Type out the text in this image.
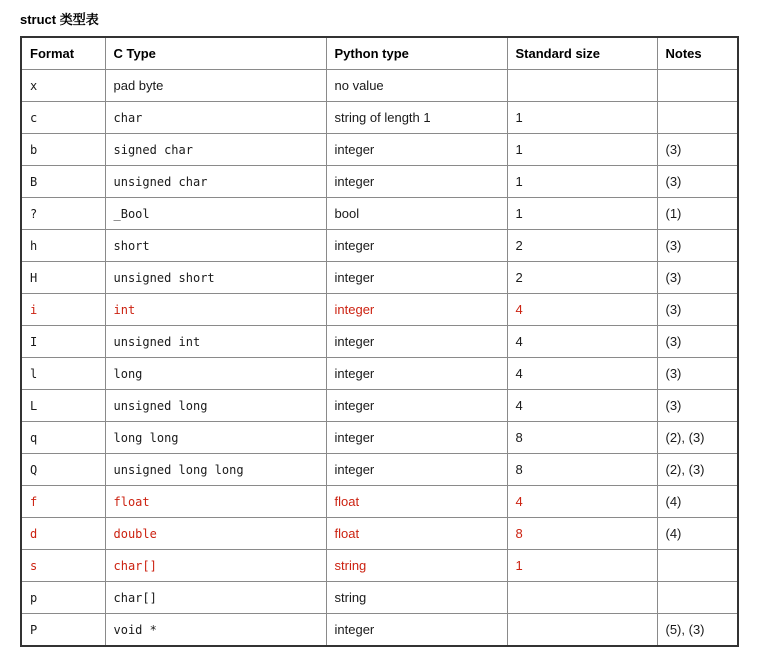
struct 类型表
Format	C Type	Python type	Standard size	Notes
x	pad byte	no value		
c	char	string of length 1	1	
b	signed char	integer	1	(3)
B	unsigned char	integer	1	(3)
?	_Bool	bool	1	(1)
h	short	integer	2	(3)
H	unsigned short	integer	2	(3)
i	int	integer	4	(3)
I	unsigned int	integer	4	(3)
l	long	integer	4	(3)
L	unsigned long	integer	4	(3)
q	long long	integer	8	(2), (3)
Q	unsigned long long	integer	8	(2), (3)
f	float	float	4	(4)
d	double	float	8	(4)
s	char[]	string	1	
p	char[]	string		
P	void *	integer		(5), (3)
